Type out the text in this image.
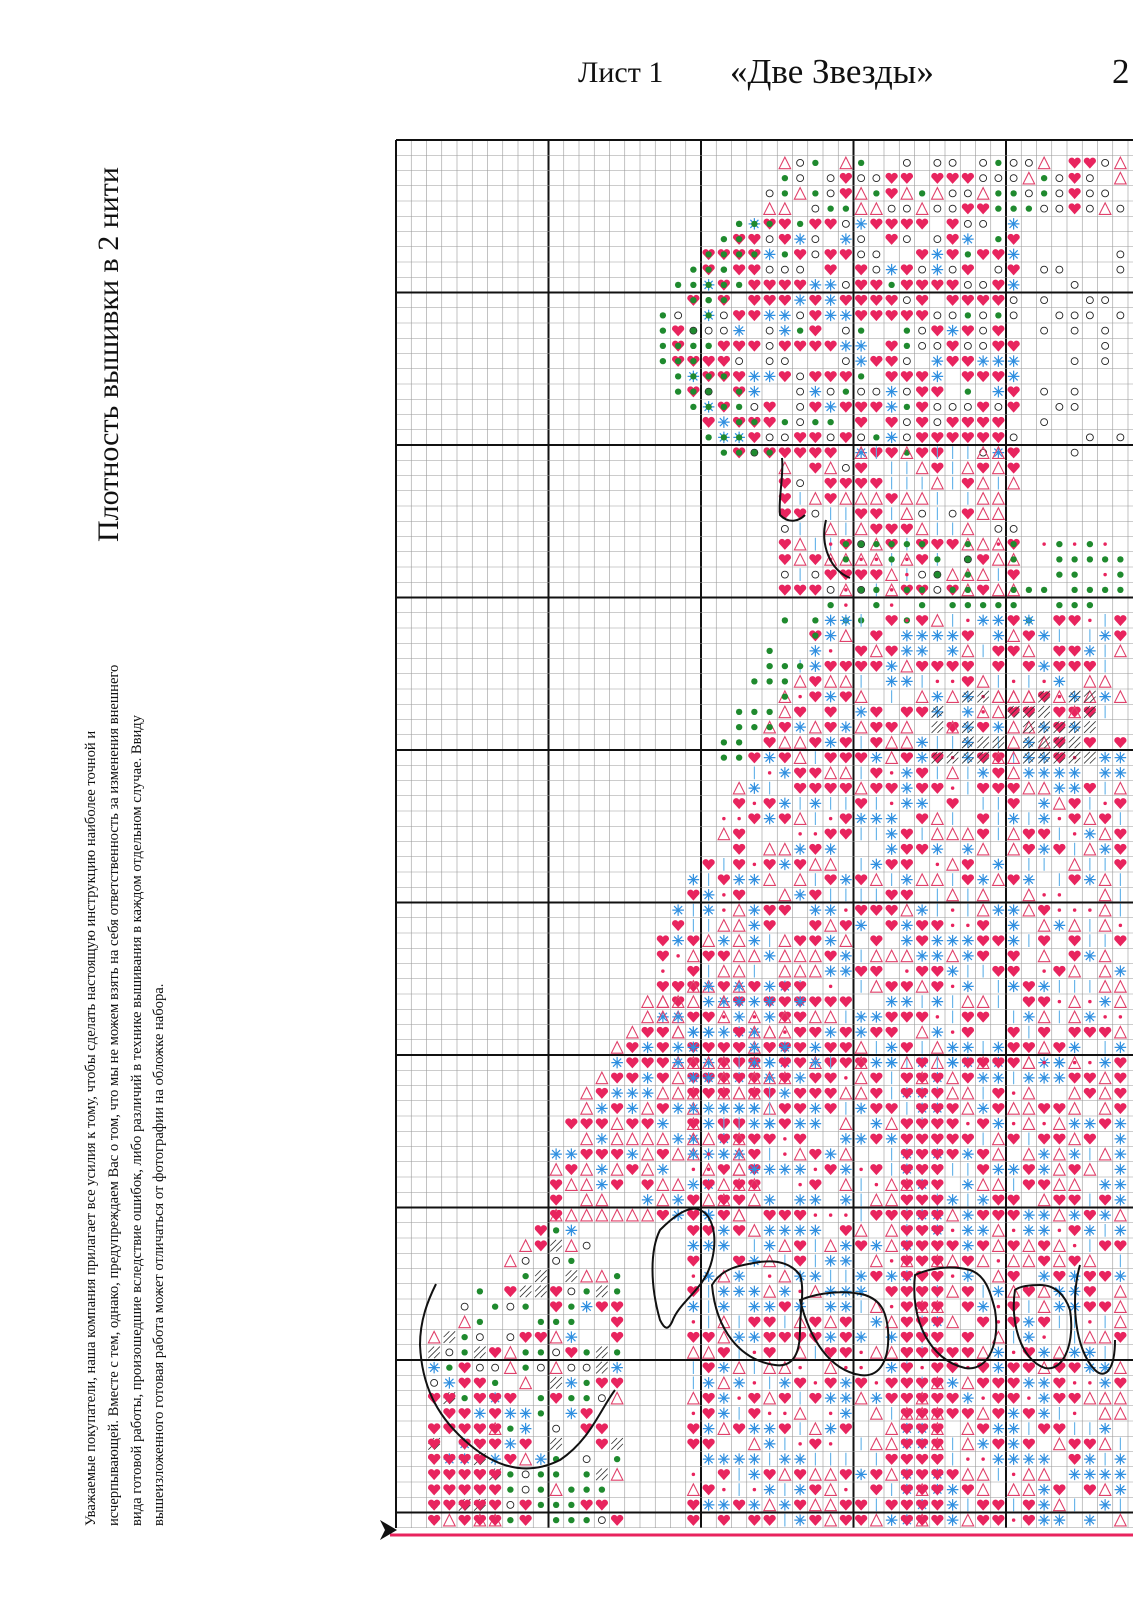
Лист 1 «Две Звезды»	2
Плотность вышивки в 2 нити
Уважаемые покупатели, наша компания прилагает все усилия к тому, чтобы сделать настоящую инструкцию наиболее точной и исчерпывающей. Вместе с тем, однако, предупреждаем Вас о том, что мы не можем взять на себя ответственность за изменения внешнего вида готовой работы, произошедшие вследствие ошибок, либо различий в технике вышивания в каждом отдельном случае. Ввиду вышеизложенного готовая работа может отличаться от фотографии на обложке набора.
